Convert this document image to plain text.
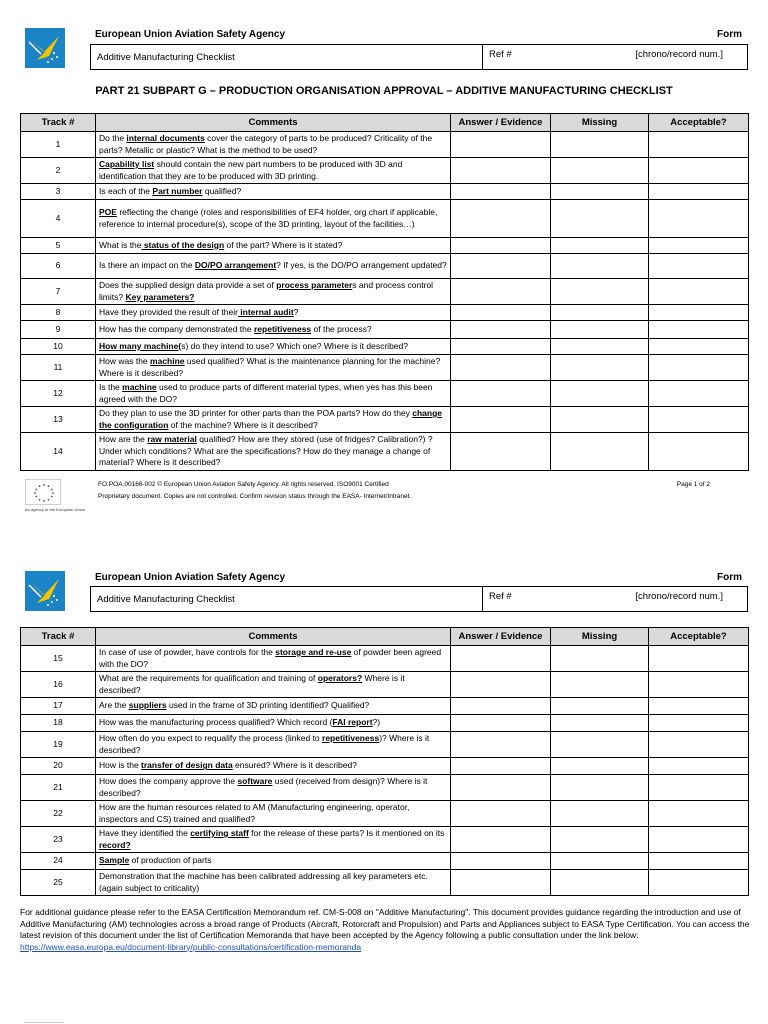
European Union Aviation Safety Agency	Form
Additive Manufacturing Checklist	Ref #	[chrono/record num.]
PART 21 SUBPART G – PRODUCTION ORGANISATION APPROVAL – ADDITIVE MANUFACTURING CHECKLIST
Track #	Comments	Answer / Evidence	Missing	Acceptable?
1	Do the internal documents cover the category of parts to be produced? Criticality of the parts? Metallic or plastic? What is the method to be used?			
2	Capability list should contain the new part numbers to be produced with 3D and identification that they are to be produced with 3D printing.			
3	Is each of the Part number qualified?			
4	POE reflecting the change (roles and responsibilities of EF4 holder, org chart if applicable, reference to internal procedure(s), scope of the 3D printing, layout of the facilities…)			
5	What is the status of the design of the part? Where is it stated?			
6	Is there an impact on the DO/PO arrangement? If yes, is the DO/PO arrangement updated?			
7	Does the supplied design data provide a set of process parameters and process control limits? Key parameters?			
8	Have they provided the result of their internal audit?			
9	How has the company demonstrated the repetitiveness of the process?			
10	How many machine(s) do they intend to use? Which one? Where is it described?			
11	How was the machine used qualified? What is the maintenance planning for the machine? Where is it described?			
12	Is the machine used to produce parts of different material types, when yes has this been agreed with the DO?			
13	Do they plan to use the 3D printer for other parts than the POA parts? How do they change the configuration of the machine? Where is it described?			
14	How are the raw material qualified? How are they stored (use of fridges? Calibration?) ? Under which conditions? What are the specifications? How do they manage a change of material? Where is it described?			
An agency of the European Union
FO.POA.00166-002 © European Union Aviation Safety Agency. All rights reserved. ISO9001 Certified
Proprietary document. Copies are not controlled. Confirm revision status through the EASA- Internet/Intranet.
Page 1 of 2
European Union Aviation Safety Agency	Form
Additive Manufacturing Checklist	Ref #	[chrono/record num.]
Track #	Comments	Answer / Evidence	Missing	Acceptable?
15	In case of use of powder, have controls for the storage and re-use of powder been agreed with the DO?			
16	What are the requirements for qualification and training of operators? Where is it described?			
17	Are the suppliers used in the frame of 3D printing identified? Qualified?			
18	How was the manufacturing process qualified? Which record (FAI report?)			
19	How often do you expect to requalify the process (linked to repetitiveness)? Where is it described?			
20	How is the transfer of design data ensured? Where is it described?			
21	How does the company approve the software used (received from design)? Where is it described?			
22	How are the human resources related to AM (Manufacturing engineering, operator, inspectors and CS) trained and qualified?			
23	Have they identified the certifying staff for the release of these parts? Is it mentioned on its record?			
24	Sample of production of parts			
25	Demonstration that the machine has been calibrated addressing all key parameters etc. (again subject to criticality)			
For additional guidance please refer to the EASA Certification Memorandum ref. CM-S-008 on "Additive Manufacturing". This document provides guidance regarding the introduction and use of Additive Manufacturing (AM) technologies across a broad range of Products (Aircraft, Rotorcraft and Propulsion) and Parts and Appliances subject to EASA Type Certification. You can access the latest revision of this document under the list of Certification Memoranda that have been accepted by the Agency following a public consultation under the link below:
https://www.easa.europa.eu/document-library/public-consultations/certification-memoranda
